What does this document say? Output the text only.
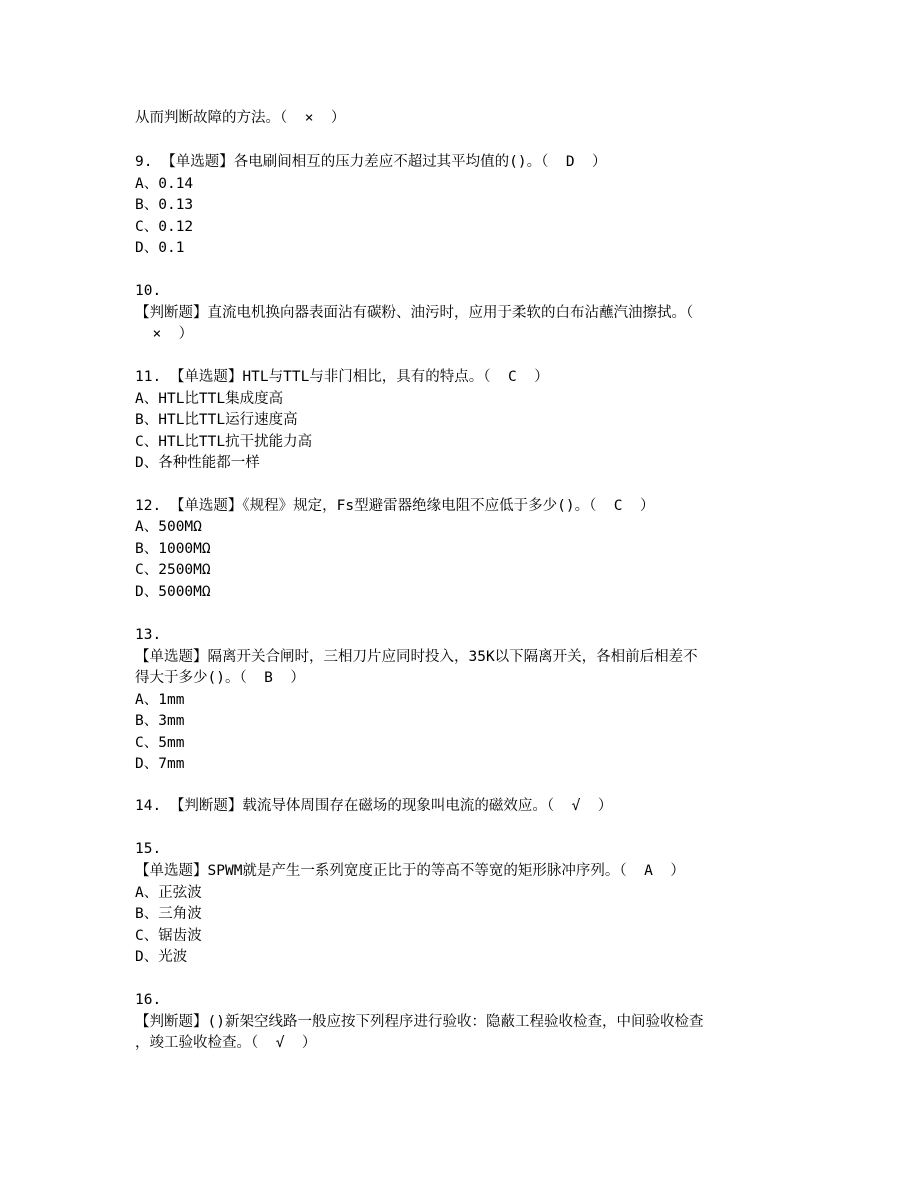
从而判断故障的方法。（  ×  ）
9. 【单选题】各电刷间相互的压力差应不超过其平均值的()。（  D  ）
A、0.14
B、0.13
C、0.12
D、0.1
10.
【判断题】直流电机换向器表面沾有碳粉、油污时，应用于柔软的白布沾蘸汽油擦拭。（
×  ）
11. 【单选题】HTL与TTL与非门相比，具有的特点。（  C  ）
A、HTL比TTL集成度高
B、HTL比TTL运行速度高
C、HTL比TTL抗干扰能力高
D、各种性能都一样
12. 【单选题】《规程》规定，Fs型避雷器绝缘电阻不应低于多少()。（  C  ）
A、500MΩ
B、1000MΩ
C、2500MΩ
D、5000MΩ
13.
【单选题】隔离开关合闸时，三相刀片应同时投入，35K以下隔离开关，各相前后相差不
得大于多少()。（  B  ）
A、1mm
B、3mm
C、5mm
D、7mm
14. 【判断题】载流导体周围存在磁场的现象叫电流的磁效应。（  √  ）
15.
【单选题】SPWM就是产生一系列宽度正比于的等高不等宽的矩形脉冲序列。（  A  ）
A、正弦波
B、三角波
C、锯齿波
D、光波
16.
【判断题】()新架空线路一般应按下列程序进行验收：隐蔽工程验收检查，中间验收检查
，竣工验收检查。（  √  ）
